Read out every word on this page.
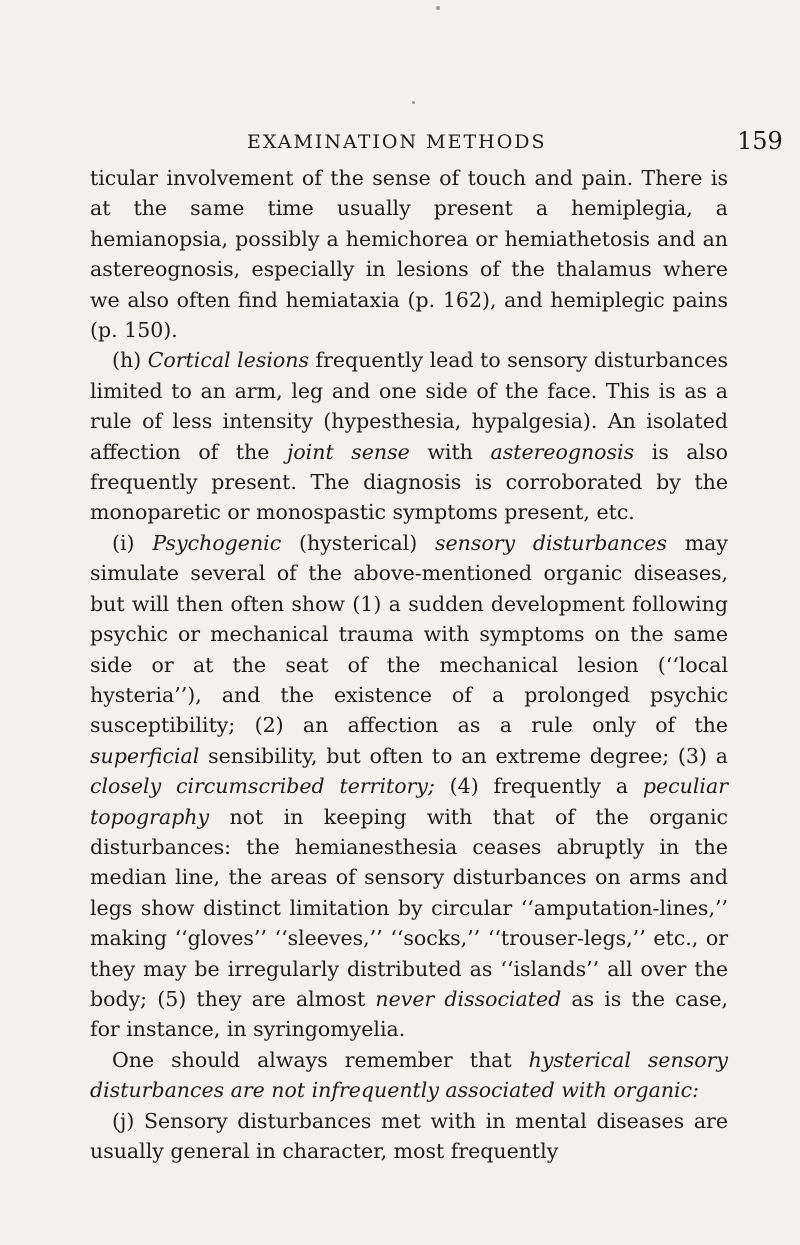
EXAMINATION METHODS	159

ticular involvement of the sense of touch and pain. There is at the same time usually present a hemiplegia, a hemianopsia, possibly a hemichorea or hemiathetosis and an astereognosis, especially in lesions of the thalamus where we also often find hemiataxia (p. 162), and hemiplegic pains (p. 150).

(h) Cortical lesions frequently lead to sensory disturbances limited to an arm, leg and one side of the face. This is as a rule of less intensity (hypesthesia, hypalgesia). An isolated affection of the joint sense with astereognosis is also frequently present. The diagnosis is corroborated by the monoparetic or monospastic symptoms present, etc.

(i) Psychogenic (hysterical) sensory disturbances may simulate several of the above-mentioned organic diseases, but will then often show (1) a sudden development following psychic or mechanical trauma with symptoms on the same side or at the seat of the mechanical lesion (‘‘local hysteria’’), and the existence of a prolonged psychic susceptibility; (2) an affection as a rule only of the superficial sensibility, but often to an extreme degree; (3) a closely circumscribed territory; (4) frequently a peculiar topography not in keeping with that of the organic disturbances: the hemianesthesia ceases abruptly in the median line, the areas of sensory disturbances on arms and legs show distinct limitation by circular ‘‘amputation-lines,’’ making ‘‘gloves’’ ‘‘sleeves,’’ ‘‘socks,’’ ‘‘trouser-legs,’’ etc., or they may be irregularly distributed as ‘‘islands’’ all over the body; (5) they are almost never dissociated as is the case, for instance, in syringomyelia.

One should always remember that hysterical sensory disturbances are not infrequently associated with organic:

(j) Sensory disturbances met with in mental diseases are usually general in character, most frequently
